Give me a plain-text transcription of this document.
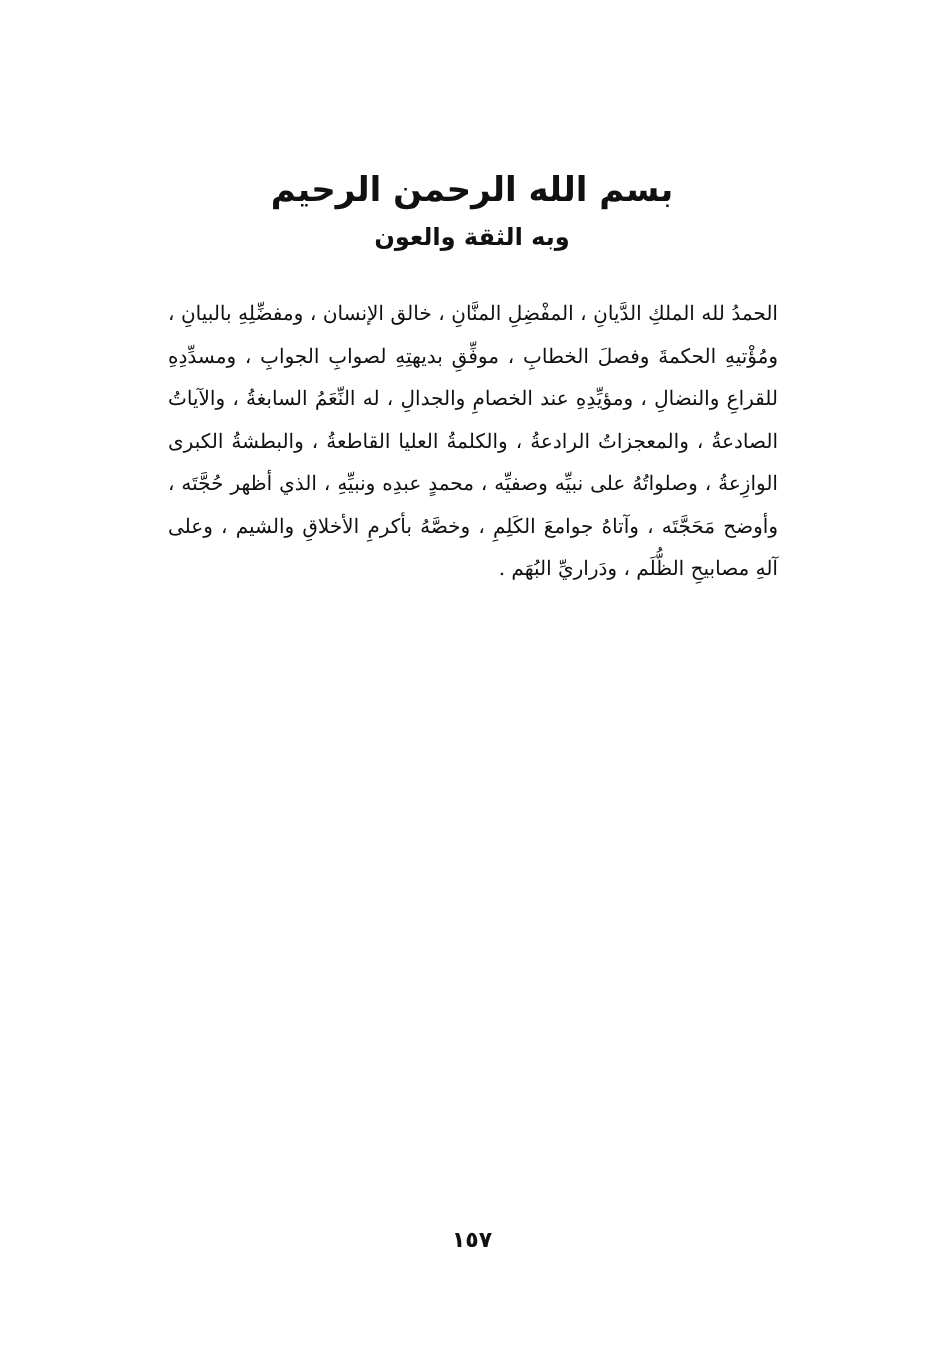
بسم الله الرحمن الرحيم
وبه الثقة والعون
الحمدُ لله الملكِ الدَّيانِ ، المفْضِلِ المنَّانِ ، خالق الإنسان ، ومفضِّلِهِ بالبيانِ ،
ومُؤْتيهِ الحكمةَ وفصلَ الخطابِ ، موفِّقِ بديهتِهِ لصوابِ الجوابِ ، ومسدِّدِهِ
للقراعِ والنضالِ ، ومؤيِّدِهِ عند الخصامِ والجدالِ ، له النِّعَمُ السابغةُ ، والآياتُ
الصادعةُ ، والمعجزاتُ الرادعةُ ، والكلمةُ العليا القاطعةُ ، والبطشةُ الكبرى
الوازِعةُ ، وصلواتُهُ على نبيِّه وصفيِّه ، محمدٍ عبدِه ونبيِّهِ ، الذي أظهر حُجَّتَه ،
وأوضح مَحَجَّتَه ، وآتاهُ جوامعَ الكَلِمِ ، وخصَّهُ بأكرمِ الأخلاقِ والشيم ، وعلى
آلهِ مصابيحِ الظُّلَم ، ودَراريِّ البُهَم .
١٥٧
